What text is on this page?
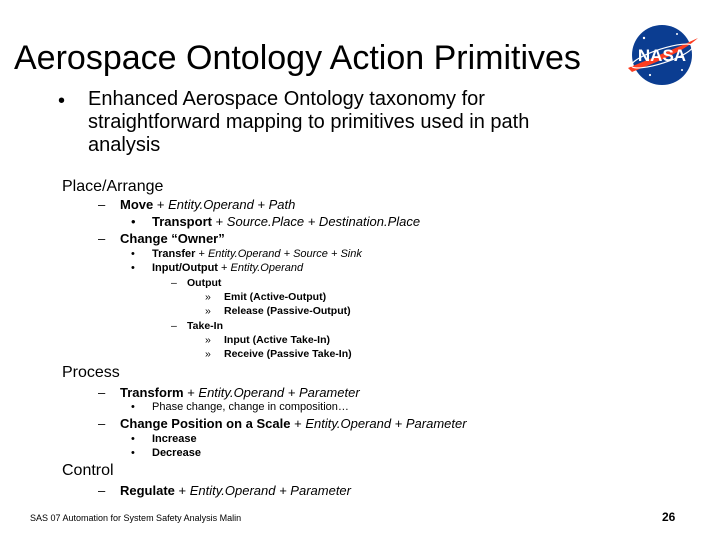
Aerospace Ontology Action Primitives	NASA
• Enhanced Aerospace Ontology taxonomy for
straightforward mapping to primitives used in path
analysis
Place/Arrange
– Move + Entity.Operand + Path
• Transport + Source.Place + Destination.Place
– Change “Owner”
• Transfer + Entity.Operand + Source + Sink
• Input/Output + Entity.Operand
– Output
» Emit (Active-Output)
» Release (Passive-Output)
– Take-In
» Input (Active Take-In)
» Receive (Passive Take-In)
Process
– Transform + Entity.Operand + Parameter
• Phase change, change in composition…
– Change Position on a Scale + Entity.Operand + Parameter
• Increase
• Decrease
Control
– Regulate + Entity.Operand + Parameter
SAS 07 Automation for System Safety Analysis Malin	26
